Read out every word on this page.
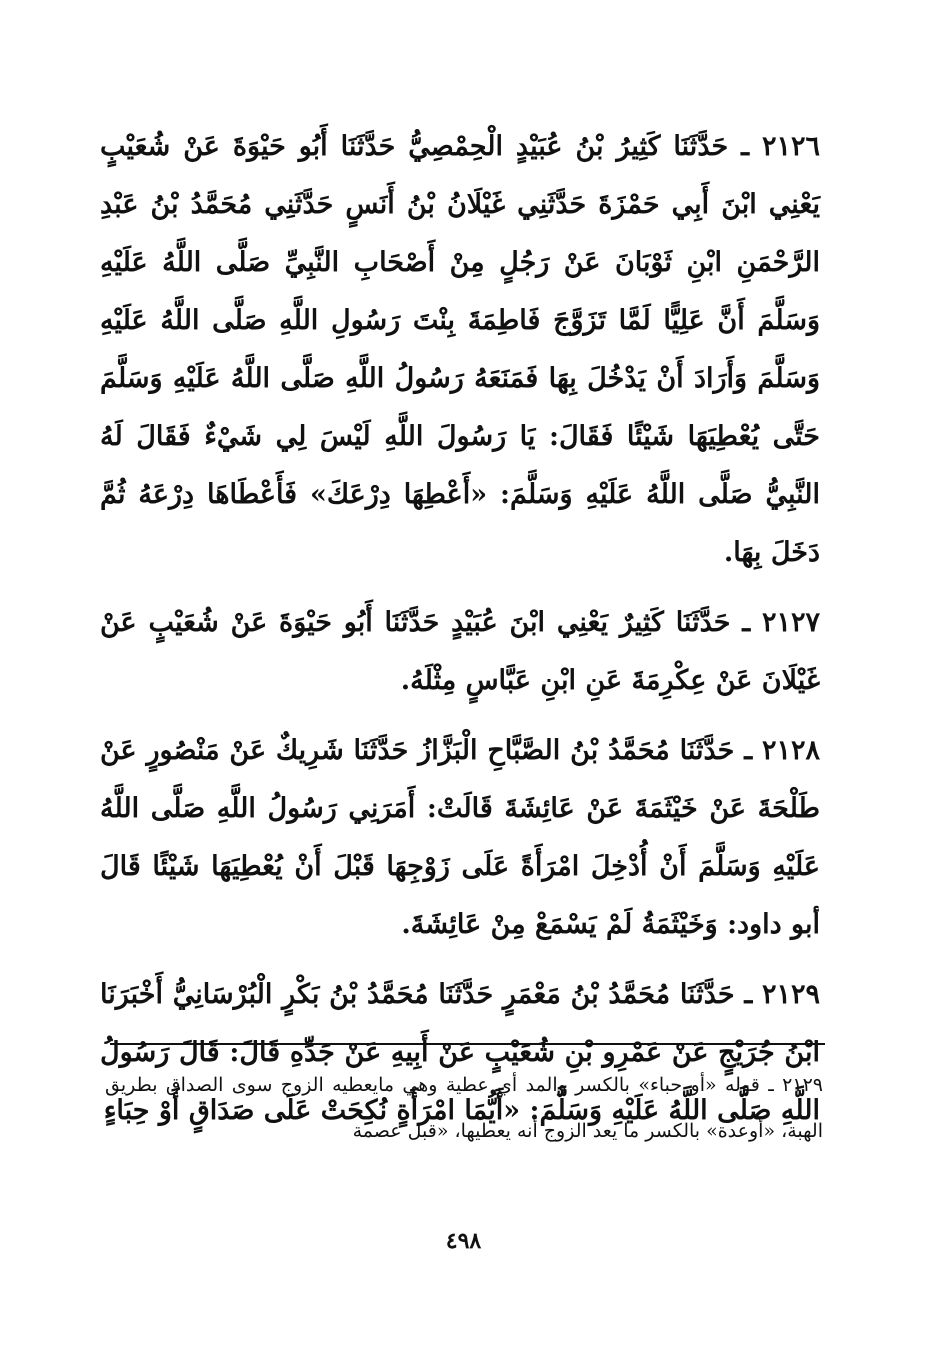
٢١٢٦ ـ حَدَّثَنَا كَثِيرُ بْنُ عُبَيْدٍ الْحِمْصِيُّ حَدَّثَنَا أَبُو حَيْوَةَ عَنْ شُعَيْبٍ يَعْنِي ابْنَ أَبِي حَمْزَةَ حَدَّثَنِي غَيْلَانُ بْنُ أَنَسٍ حَدَّثَنِي مُحَمَّدُ بْنُ عَبْدِ الرَّحْمَنِ ابْنِ ثَوْبَانَ عَنْ رَجُلٍ مِنْ أَصْحَابِ النَّبِيِّ صَلَّى اللَّهُ عَلَيْهِ وَسَلَّمَ أَنَّ عَلِيًّا لَمَّا تَزَوَّجَ فَاطِمَةَ بِنْتَ رَسُولِ اللَّهِ صَلَّى اللَّهُ عَلَيْهِ وَسَلَّمَ وَأَرَادَ أَنْ يَدْخُلَ بِهَا فَمَنَعَهُ رَسُولُ اللَّهِ صَلَّى اللَّهُ عَلَيْهِ وَسَلَّمَ حَتَّى يُعْطِيَهَا شَيْئًا فَقَالَ: يَا رَسُولَ اللَّهِ لَيْسَ لِي شَيْءٌ فَقَالَ لَهُ النَّبِيُّ صَلَّى اللَّهُ عَلَيْهِ وَسَلَّمَ: «أَعْطِهَا دِرْعَكَ» فَأَعْطَاهَا دِرْعَهُ ثُمَّ دَخَلَ بِهَا.

٢١٢٧ ـ حَدَّثَنَا كَثِيرٌ يَعْنِي ابْنَ عُبَيْدٍ حَدَّثَنَا أَبُو حَيْوَةَ عَنْ شُعَيْبٍ عَنْ غَيْلَانَ عَنْ عِكْرِمَةَ عَنِ ابْنِ عَبَّاسٍ مِثْلَهُ.

٢١٢٨ ـ حَدَّثَنَا مُحَمَّدُ بْنُ الصَّبَّاحِ الْبَزَّازُ حَدَّثَنَا شَرِيكٌ عَنْ مَنْصُورٍ عَنْ طَلْحَةَ عَنْ خَيْثَمَةَ عَنْ عَائِشَةَ قَالَتْ: أَمَرَنِي رَسُولُ اللَّهِ صَلَّى اللَّهُ عَلَيْهِ وَسَلَّمَ أَنْ أُدْخِلَ امْرَأَةً عَلَى زَوْجِهَا قَبْلَ أَنْ يُعْطِيَهَا شَيْئًا قَالَ أبو داود: وَخَيْثَمَةُ لَمْ يَسْمَعْ مِنْ عَائِشَةَ.

٢١٢٩ ـ حَدَّثَنَا مُحَمَّدُ بْنُ مَعْمَرٍ حَدَّثَنَا مُحَمَّدُ بْنُ بَكْرٍ الْبُرْسَانِيُّ أَخْبَرَنَا ابْنُ جُرَيْجٍ عَنْ عَمْرِو بْنِ شُعَيْبٍ عَنْ أَبِيهِ عَنْ جَدِّهِ قَالَ: قَالَ رَسُولُ اللَّهِ صَلَّى اللَّهُ عَلَيْهِ وَسَلَّمَ: «أَيُّمَا امْرَأَةٍ نُكِحَتْ عَلَى صَدَاقٍ أَوْ حِبَاءٍ

٢١٢٩ ـ قوله «أو حباء» بالكسر والمد أي عطية وهي مايعطيه الزوج سوى الصداق بطريق الهبة، «أوعدة» بالكسر ما يعد الزوج أنه يعطيها، «قبل عصمة
٤٩٨
